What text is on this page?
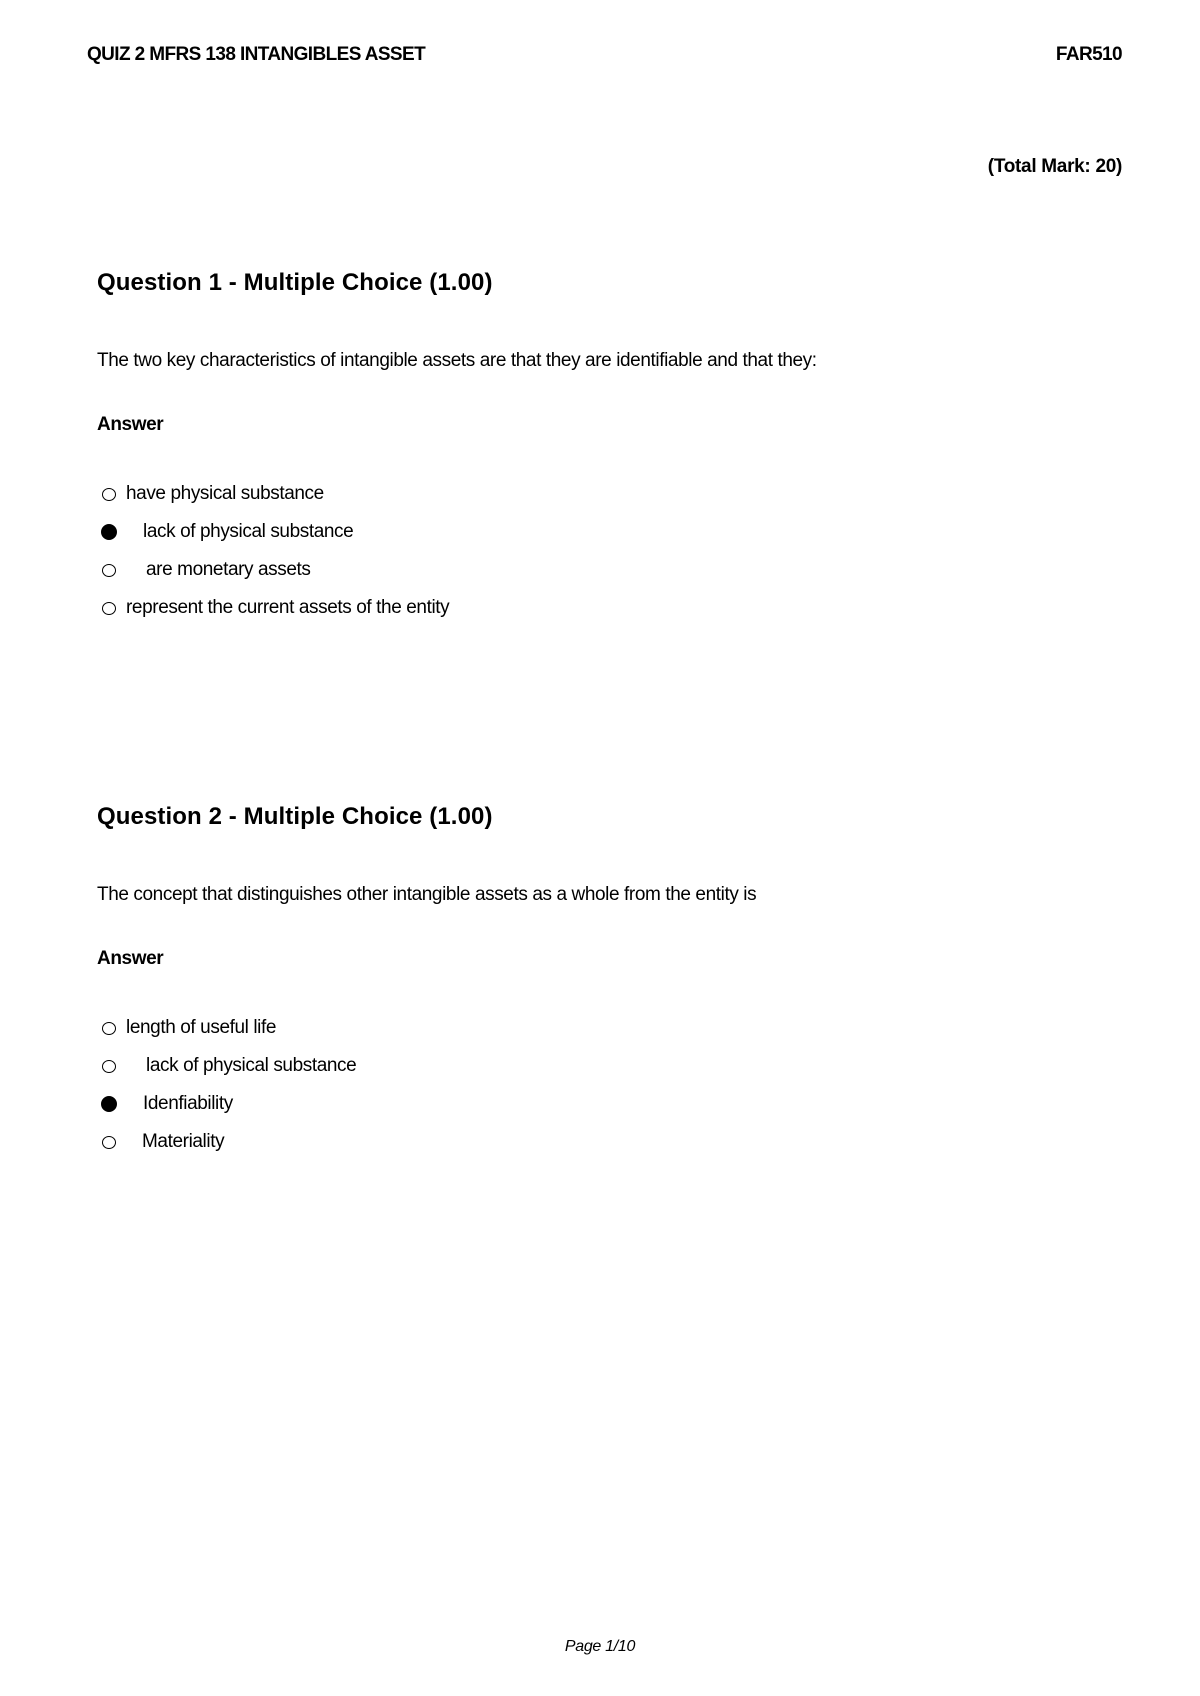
QUIZ 2 MFRS 138 INTANGIBLES ASSET	FAR510
(Total Mark: 20)
Question 1 - Multiple Choice (1.00)
The two key characteristics of intangible assets are that they are identifiable and that they:
Answer
have physical substance
lack of physical substance
are monetary assets
represent the current assets of the entity
Question 2 - Multiple Choice (1.00)
The concept that distinguishes other intangible assets as a whole from the entity is
Answer
length of useful life
lack of physical substance
Idenfiability
Materiality
Page 1/10
